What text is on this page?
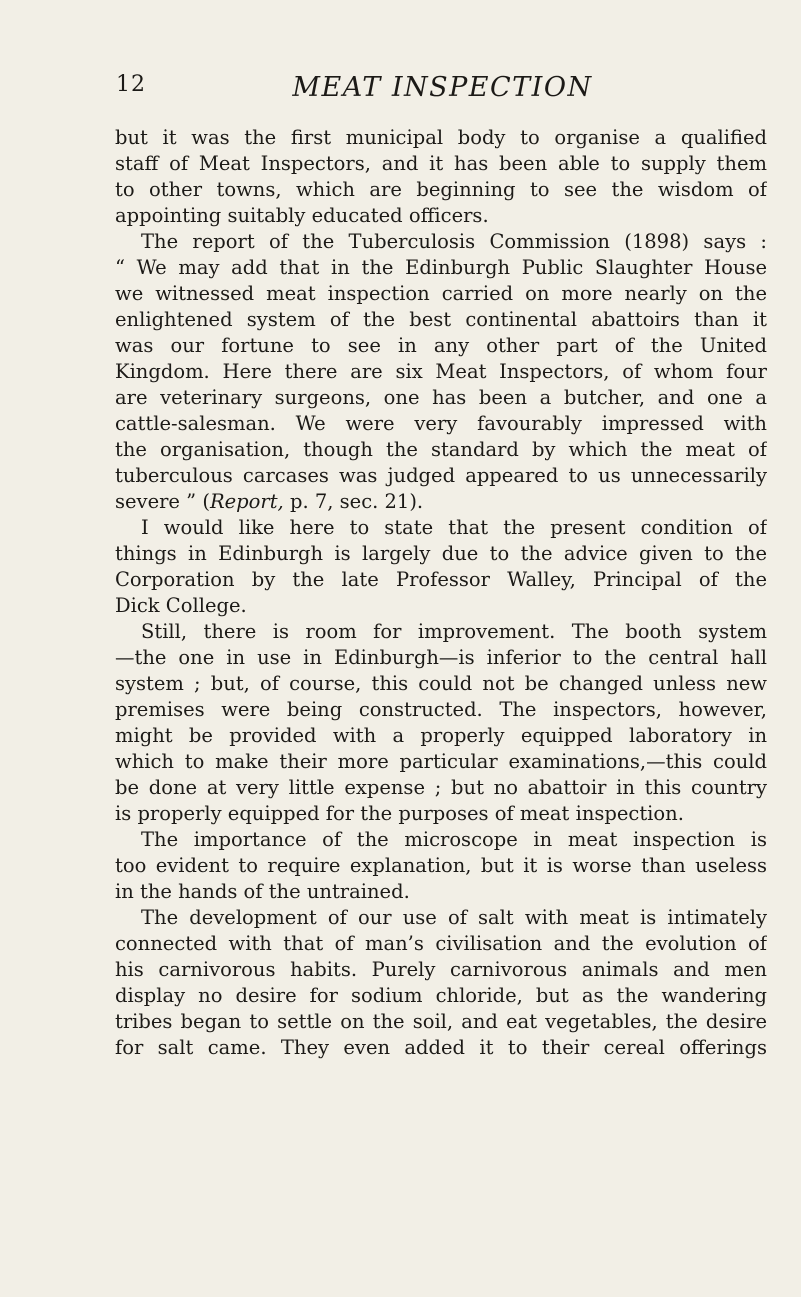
12	MEAT INSPECTION
but it was the first municipal body to organise a qualified
staff of Meat Inspectors, and it has been able to supply them
to other towns, which are beginning to see the wisdom of
appointing suitably educated officers.
The report of the Tuberculosis Commission (1898) says :
“ We may add that in the Edinburgh Public Slaughter House
we witnessed meat inspection carried on more nearly on the
enlightened system of the best continental abattoirs than it
was our fortune to see in any other part of the United
Kingdom. Here there are six Meat Inspectors, of whom four
are veterinary surgeons, one has been a butcher, and one a
cattle-salesman. We were very favourably impressed with
the organisation, though the standard by which the meat of
tuberculous carcases was judged appeared to us unnecessarily
severe ” (Report, p. 7, sec. 21).
I would like here to state that the present condition of
things in Edinburgh is largely due to the advice given to the
Corporation by the late Professor Walley, Principal of the
Dick College.
Still, there is room for improvement. The booth system
—the one in use in Edinburgh—is inferior to the central hall
system ; but, of course, this could not be changed unless new
premises were being constructed. The inspectors, however,
might be provided with a properly equipped laboratory in
which to make their more particular examinations,—this could
be done at very little expense ; but no abattoir in this country
is properly equipped for the purposes of meat inspection.
The importance of the microscope in meat inspection is
too evident to require explanation, but it is worse than useless
in the hands of the untrained.
The development of our use of salt with meat is intimately
connected with that of man’s civilisation and the evolution of
his carnivorous habits. Purely carnivorous animals and men
display no desire for sodium chloride, but as the wandering
tribes began to settle on the soil, and eat vegetables, the desire
for salt came. They even added it to their cereal offerings
